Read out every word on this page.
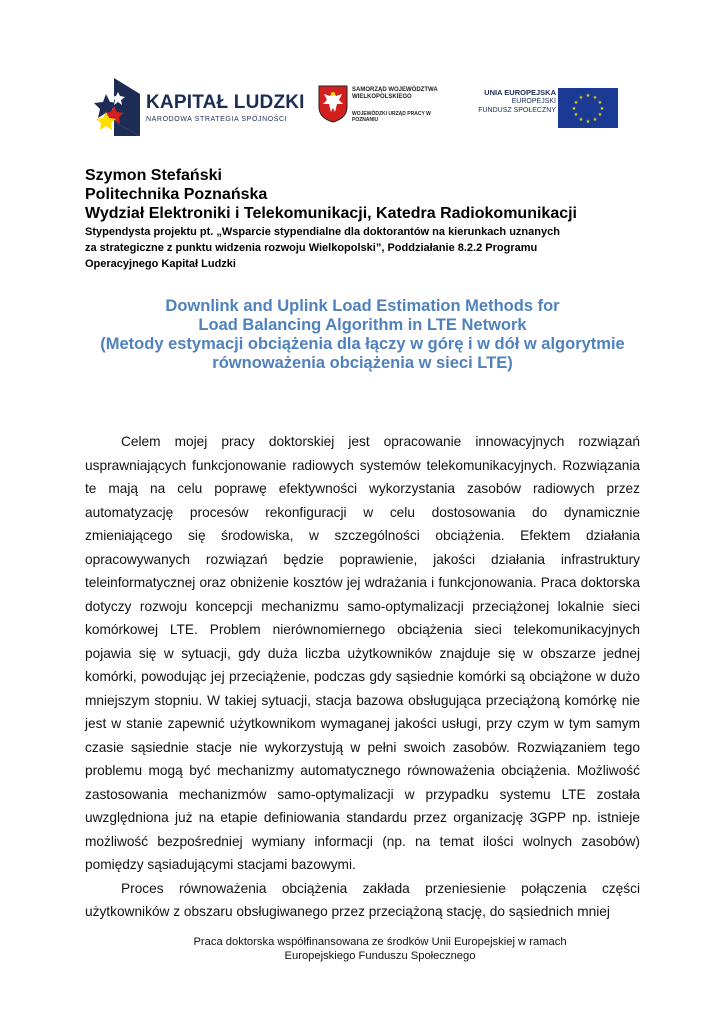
KAPITAŁ LUDZKI
NARODOWA STRATEGIA SPÓJNOŚCI
SAMORZĄD WOJEWÓDZTWA WIELKOPOLSKIEGO
WOJEWÓDZKI URZĄD PRACY W POZNANIU
UNIA EUROPEJSKA
EUROPEJSKI
FUNDUSZ SPOŁECZNY
★ ★
★
★
★
★
★
★
★
★
★
★
Szymon Stefański
Politechnika Poznańska
Wydział Elektroniki i Telekomunikacji, Katedra Radiokomunikacji
Stypendysta projektu pt. „Wsparcie stypendialne dla doktorantów na kierunkach uznanych
za strategiczne z punktu widzenia rozwoju Wielkopolski”, Poddziałanie 8.2.2 Programu
Operacyjnego Kapitał Ludzki
Downlink and Uplink Load Estimation Methods for
Load Balancing Algorithm in LTE Network
(Metody estymacji obciążenia dla łączy w górę i w dół w algorytmie
równoważenia obciążenia w sieci LTE)

Celem mojej pracy doktorskiej jest opracowanie innowacyjnych rozwiązań usprawniających funkcjonowanie radiowych systemów telekomunikacyjnych. Rozwiązania te mają na celu poprawę efektywności wykorzystania zasobów radiowych przez automatyzację procesów rekonfiguracji w celu dostosowania do dynamicznie zmieniającego się środowiska, w szczególności obciążenia. Efektem działania opracowywanych rozwiązań będzie poprawienie, jakości działania infrastruktury teleinformatycznej oraz obniżenie kosztów jej wdrażania i funkcjonowania. Praca doktorska dotyczy rozwoju koncepcji mechanizmu samo-optymalizacji przeciążonej lokalnie sieci komórkowej LTE. Problem nierównomiernego obciążenia sieci telekomunikacyjnych pojawia się w sytuacji, gdy duża liczba użytkowników znajduje się w obszarze jednej komórki, powodując jej przeciążenie, podczas gdy sąsiednie komórki są obciążone w dużo mniejszym stopniu. W takiej sytuacji, stacja bazowa obsługująca przeciążoną komórkę nie jest w stanie zapewnić użytkownikom wymaganej jakości usługi, przy czym w tym samym czasie sąsiednie stacje nie wykorzystują w pełni swoich zasobów. Rozwiązaniem tego problemu mogą być mechanizmy automatycznego równoważenia obciążenia. Możliwość zastosowania mechanizmów samo-optymalizacji w przypadku systemu LTE została uwzględniona już na etapie definiowania standardu przez organizację 3GPP np. istnieje możliwość bezpośredniej wymiany informacji (np. na temat ilości wolnych zasobów) pomiędzy sąsiadującymi stacjami bazowymi.

Proces równoważenia obciążenia zakłada przeniesienie połączenia części użytkowników z obszaru obsługiwanego przez przeciążoną stację, do sąsiednich mniej

Praca doktorska współfinansowana ze środków Unii Europejskiej w ramach
Europejskiego Funduszu Społecznego
